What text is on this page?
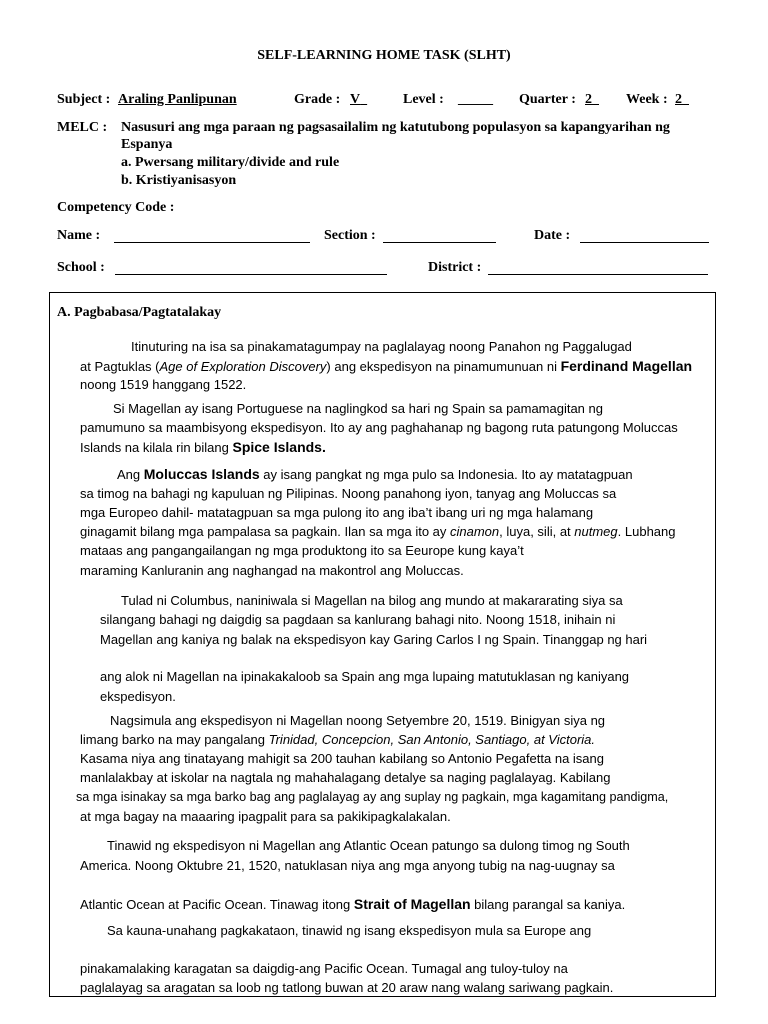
SELF-LEARNING HOME TASK (SLHT)
Subject : Araling Panlipunan	Grade : V	Level : _____ Quarter : 2	Week : 2
MELC : Nasusuri ang mga paraan ng pagsasailalim ng katutubong populasyon sa kapangyarihan ng
Espanya
a. Pwersang military/divide and rule
b. Kristiyanisasyon
Competency Code :
Name :	Section :	Date :
School :	District :
A. Pagbabasa/Pagtatalakay
Itinuturing na isa sa pinakamatagumpay na paglalayag noong Panahon ng Paggalugad
at Pagtuklas (Age of Exploration Discovery) ang ekspedisyon na pinamumunuan ni Ferdinand Magellan
noong 1519 hanggang 1522.
Si Magellan ay isang Portuguese na naglingkod sa hari ng Spain sa pamamagitan ng
pamumuno sa maambisyong ekspedisyon. Ito ay ang paghahanap ng bagong ruta patungong Moluccas
Islands na kilala rin bilang Spice Islands.
Ang Moluccas Islands ay isang pangkat ng mga pulo sa Indonesia. Ito ay matatagpuan
sa timog na bahagi ng kapuluan ng Pilipinas. Noong panahong iyon, tanyag ang Moluccas sa
mga Europeo dahil- matatagpuan sa mga pulong ito ang iba’t ibang uri ng mga halamang
ginagamit bilang mga pampalasa sa pagkain. Ilan sa mga ito ay cinamon, luya, sili, at nutmeg. Lubhang
mataas ang pangangailangan ng mga produktong ito sa Eeurope kung kaya’t
maraming Kanluranin ang naghangad na makontrol ang Moluccas.
Tulad ni Columbus, naniniwala si Magellan na bilog ang mundo at makararating siya sa
silangang bahagi ng daigdig sa pagdaan sa kanlurang bahagi nito. Noong 1518, inihain ni
Magellan ang kaniya ng balak na ekspedisyon kay Garing Carlos I ng Spain. Tinanggap ng hari
ang alok ni Magellan na ipinakakaloob sa Spain ang mga lupaing matutuklasan ng kaniyang
ekspedisyon.
Nagsimula ang ekspedisyon ni Magellan noong Setyembre 20, 1519. Binigyan siya ng
limang barko na may pangalang Trinidad, Concepcion, San Antonio, Santiago, at Victoria.
Kasama niya ang tinatayang mahigit sa 200 tauhan kabilang so Antonio Pegafetta na isang
manlalakbay at iskolar na nagtala ng mahahalagang detalye sa naging paglalayag. Kabilang
sa mga isinakay sa mga barko bag ang paglalayag ay ang suplay ng pagkain, mga kagamitang pandigma,
at mga bagay na maaaring ipagpalit para sa pakikipagkalakalan.
Tinawid ng ekspedisyon ni Magellan ang Atlantic Ocean patungo sa dulong timog ng South
America. Noong Oktubre 21, 1520, natuklasan niya ang mga anyong tubig na nag-uugnay sa
Atlantic Ocean at Pacific Ocean. Tinawag itong Strait of Magellan bilang parangal sa kaniya.
Sa kauna-unahang pagkakataon, tinawid ng isang ekspedisyon mula sa Europe ang
pinakamalaking karagatan sa daigdig-ang Pacific Ocean. Tumagal ang tuloy-tuloy na
paglalayag sa aragatan sa loob ng tatlong buwan at 20 araw nang walang sariwang pagkain.
